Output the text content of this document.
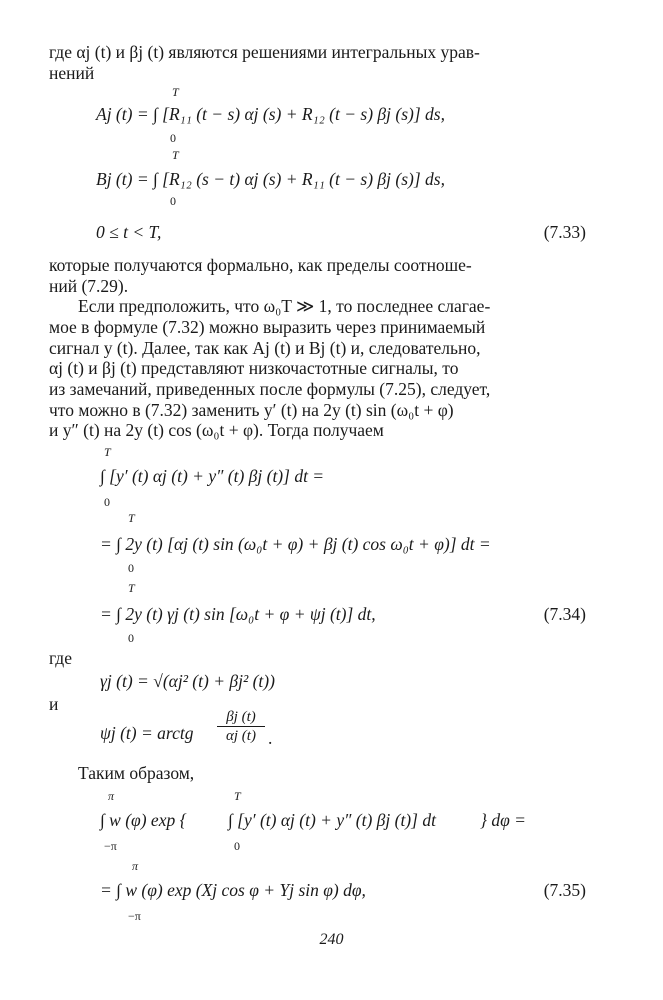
где αj (t) и βj (t) являются решениями интегральных урав-

нений

T
0

Aj (t) = ∫ [R₁₁ (t − s) αj (s) + R₁₂ (t − s) βj (s)] ds,

T
0

Bj (t) = ∫ [R₁₂ (s − t) αj (s) + R₁₁ (t − s) βj (s)] ds,

0 ≤ t < T,	(7.33)

которые получаются формально, как пределы соотноше-

ний (7.29).

Если предположить, что ω₀T ≫ 1, то последнее слагае-

мое в формуле (7.32) можно выразить через принимаемый

сигнал y (t). Далее, так как Aj (t) и Bj (t) и, следовательно,

αj (t) и βj (t) представляют низкочастотные сигналы, то

из замечаний, приведенных после формулы (7.25), следует,

что можно в (7.32) заменить y′ (t) на 2y (t) sin (ω₀t + φ)

и y″ (t) на 2y (t) cos (ω₀t + φ). Тогда получаем

T
0

∫ [y′ (t) αj (t) + y″ (t) βj (t)] dt =

T
0

= ∫ 2y (t) [αj (t) sin (ω₀t + φ) + βj (t) cos ω₀t + φ)] dt =

T
0

= ∫ 2y (t) γj (t) sin [ω₀t + φ + ψj (t)] dt,	(7.34)

где

γj (t) = √(αj² (t) + βj² (t))

и

ψj (t) = arctg $\frac{\beta j (t)}{\alpha j (t)}$ .

Таким образом,

π
−π

∫ w (φ) exp {

T
0

∫ [y′ (t) αj (t) + y″ (t) βj (t)] dt	} dφ =

π
−π

= ∫ w (φ) exp (Xj cos φ + Yj sin φ) dφ,	(7.35)

240
